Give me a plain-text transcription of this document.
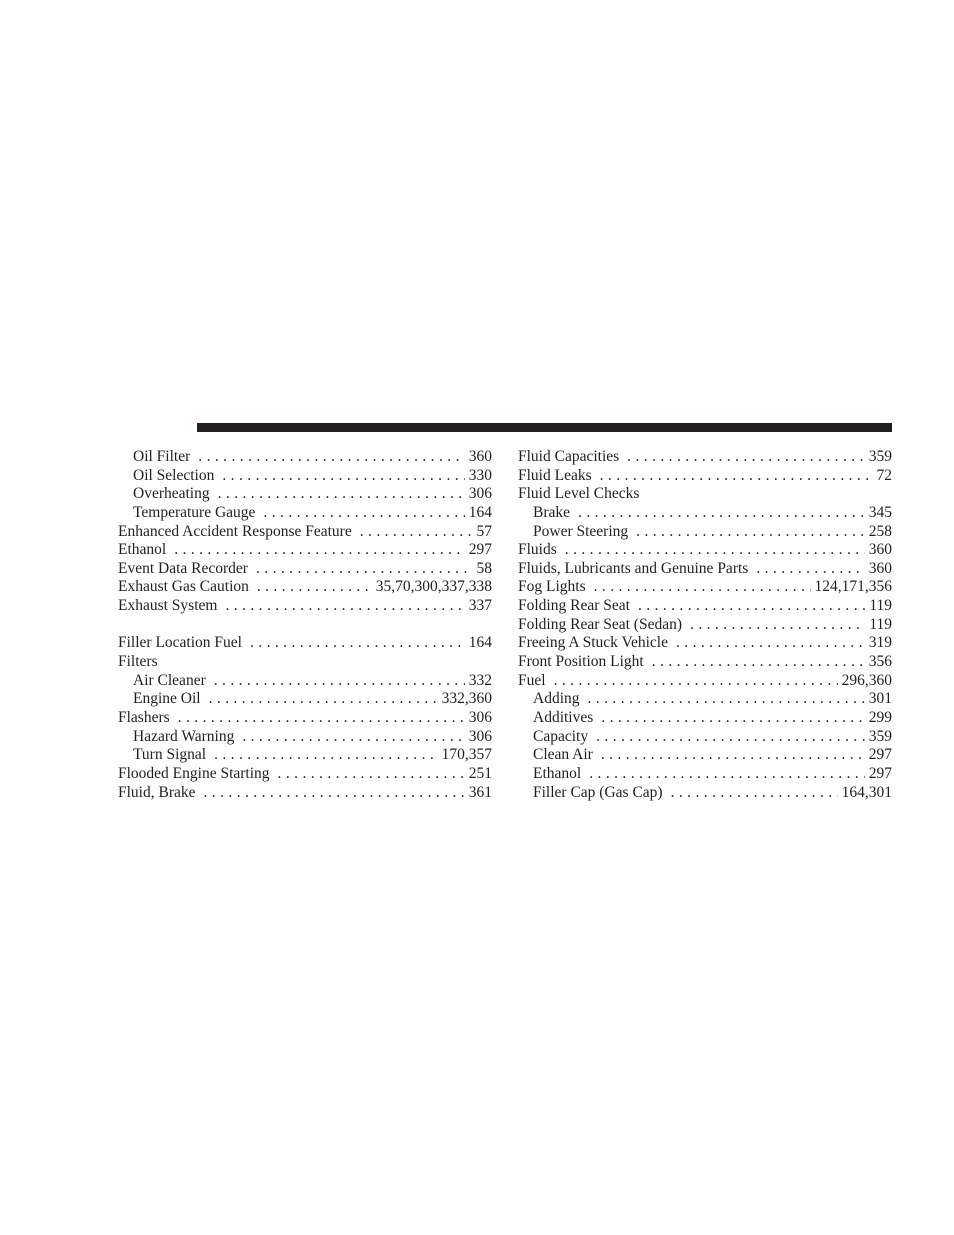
Oil Filter . . .	360
Oil Selection . . .	330
Overheating . . .	306
Temperature Gauge . . .	164
Enhanced Accident Response Feature . . .	57
Ethanol . . .	297
Event Data Recorder . . .	58
Exhaust Gas Caution . . .	35,70,300,337,338
Exhaust System . . .	337
Filler Location Fuel . . .	164
Filters
Air Cleaner . . .	332
Engine Oil . . .	332,360
Flashers . . .	306
Hazard Warning . . .	306
Turn Signal . . .	170,357
Flooded Engine Starting . . .	251
Fluid, Brake . . .	361
Fluid Capacities . . .	359
Fluid Leaks . . .	72
Fluid Level Checks
Brake . . .	345
Power Steering . . .	258
Fluids . . .	360
Fluids, Lubricants and Genuine Parts . . .	360
Fog Lights . . .	124,171,356
Folding Rear Seat . . .	119
Folding Rear Seat (Sedan) . . .	119
Freeing A Stuck Vehicle . . .	319
Front Position Light . . .	356
Fuel . . .	296,360
Adding . . .	301
Additives . . .	299
Capacity . . .	359
Clean Air . . .	297
Ethanol . . .	297
Filler Cap (Gas Cap) . . .	164,301
